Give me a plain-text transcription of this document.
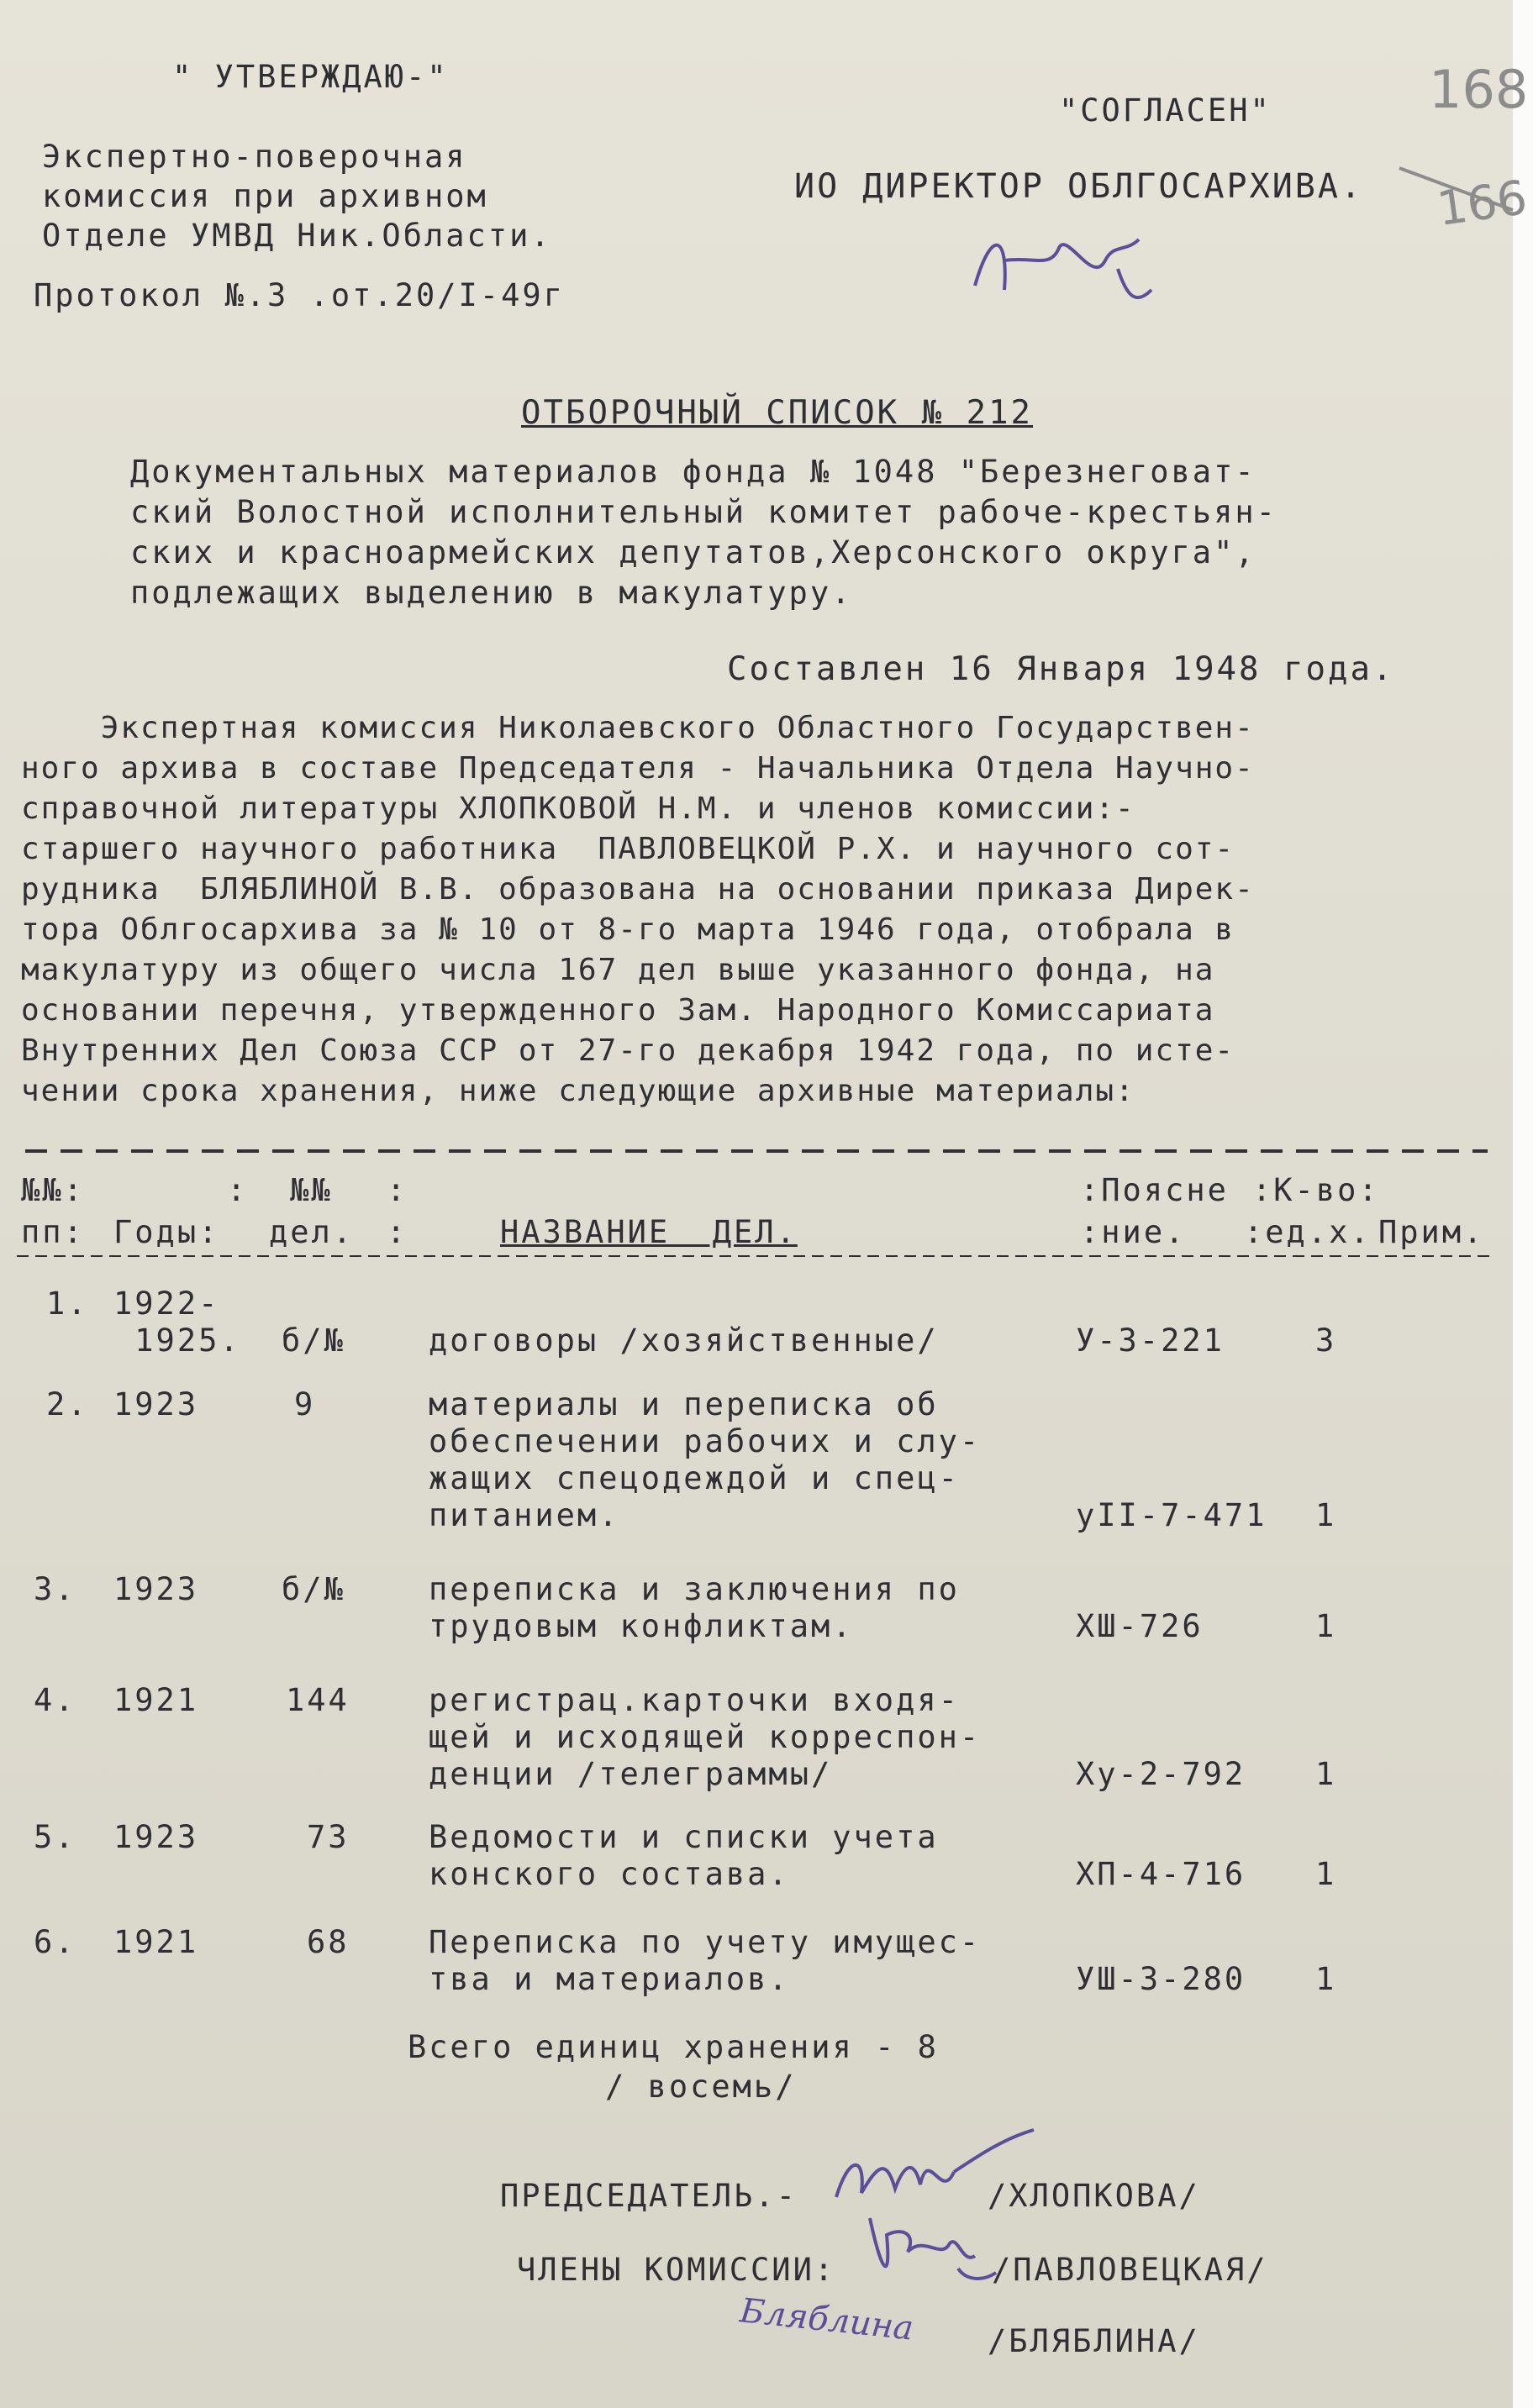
168
166
" УТВЕРЖДАЮ-"
Экспертно-поверочная
комиссия при архивном
Отделе УМВД Ник.Области.
Протокол №.3 .от.20/I-49г
"СОГЛАСЕН"
ИО ДИРЕКТОР ОБЛГОСАРХИВА.
ОТБОРОЧНЫЙ СПИСОК № 212
Документальных материалов фонда № 1048 "Березнеговат-
ский Волостной исполнительный комитет рабоче-крестьян-
ских и красноармейских депутатов,Херсонского округа",
подлежащих выделению в макулатуру.
Составлен 16 Января 1948 года.
Экспертная комиссия Николаевского Областного Государствен-
ного архива в составе Председателя - Начальника Отдела Научно-
справочной литературы ХЛОПКОВОЙ Н.М. и членов комиссии:-
старшего научного работника  ПАВЛОВЕЦКОЙ Р.Х. и научного сот-
рудника  БЛЯБЛИНОЙ В.В. образована на основании приказа Дирек-
тора Облгосархива за № 10 от 8-го марта 1946 года, отобрала в
макулатуру из общего числа 167 дел выше указанного фонда, на
основании перечня, утвержденного Зам. Народного Комиссариата
Внутренних Дел Союза ССР от 27-го декабря 1942 года, по истe-
чении срока хранения, ниже следующие архивные материалы:
№№:	: №№ :	:Поясне :К-во:
пп: Годы: дел. :	НАЗВАНИЕ  ДЕЛ.	:ние. :ед.х. Прим.
1. 1922-
1925. б/№	договоры /хозяйственные/	У-3-221	3
2. 1923	9	материалы и переписка об
обеспечении рабочих и слу-
жащих спецодеждой и спец-
питанием.	уII-7-471 1
3. 1923	б/№	переписка и заключения по
трудовым конфликтам.	ХШ-726	1
4. 1921	144	регистрац.карточки входя-
щей и исходящей корреспон-
денции /телеграммы/	Ху-2-792 1
5. 1923	73	Ведомости и списки учета
конского состава.	ХП-4-716 1
6. 1921	68	Переписка по учету имущес-
тва и материалов.	УШ-3-280 1
Всего единиц хранения - 8
/ восемь/
ПРЕДСЕДАТЕЛЬ.-	/ХЛОПКОВА/
ЧЛЕНЫ КОМИССИИ:	/ПАВЛОВЕЦКАЯ/
Бляблина /БЛЯБЛИНА/
